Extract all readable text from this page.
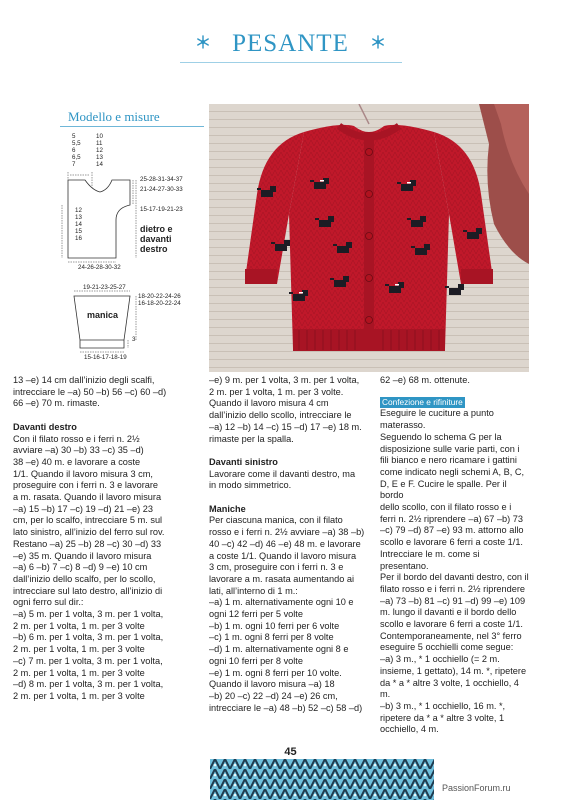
PESANTE
Modello e misure
5
5,5
6
6,5
7
10
11
12
13
14
25-28-31-34-37
21-24-27-30-33
15-17-19-21-23
12
13
14
15
16
dietro e
davanti
destro
24-26-28-30-32
19-21-23-25-27
18-20-22-24-26
16-18-20-22-24
manica
3
15-16-17-18-19

13 –e) 14 cm dall’inizio degli scalfi,

intrecciare le –a) 50 –b) 56 –c) 60 –d)

66 –e) 70 m. rimaste.

Davanti destro

Con il filato rosso e i ferri n. 2½

avviare –a) 30 –b) 33 –c) 35 –d)

38 –e) 40 m. e lavorare a coste

1/1. Quando il lavoro misura 3 cm,

proseguire con i ferri n. 3 e lavorare

a m. rasata. Quando il lavoro misura

–a) 15 –b) 17 –c) 19 –d) 21 –e) 23

cm, per lo scalfo, intrecciare 5 m. sul

lato sinistro, all’inizio del ferro sul rov.

Restano –a) 25 –b) 28 –c) 30 –d) 33

–e) 35 m. Quando il lavoro misura

–a) 6 –b) 7 –c) 8 –d) 9 –e) 10 cm

dall’inizio dello scalfo, per lo scollo,

intrecciare sul lato destro, all’inizio di

ogni ferro sul dir.:

–a) 5 m. per 1 volta, 3 m. per 1 volta,

2 m. per 1 volta, 1 m. per 3 volte

–b) 6 m. per 1 volta, 3 m. per 1 volta,

2 m. per 1 volta, 1 m. per 3 volte

–c) 7 m. per 1 volta, 3 m. per 1 volta,

2 m. per 1 volta, 1 m. per 3 volte

–d) 8 m. per 1 volta, 3 m. per 1 volta,

2 m. per 1 volta, 1 m. per 3 volte

–e) 9 m. per 1 volta, 3 m. per 1 volta,

2 m. per 1 volta, 1 m. per 3 volte.

Quando il lavoro misura 4 cm

dall’inizio dello scollo, intrecciare le

–a) 12 –b) 14 –c) 15 –d) 17 –e) 18 m.

rimaste per la spalla.

Davanti sinistro

Lavorare come il davanti destro, ma

in modo simmetrico.

Maniche

Per ciascuna manica, con il filato

rosso e i ferri n. 2½ avviare –a) 38 –b)

40 –c) 42 –d) 46 –e) 48 m. e lavorare

a coste 1/1. Quando il lavoro misura

3 cm, proseguire con i ferri n. 3 e

lavorare a m. rasata aumentando ai

lati, all’interno di 1 m.:

–a) 1 m. alternativamente ogni 10 e

ogni 12 ferri per 5 volte

–b) 1 m. ogni 10 ferri per 6 volte

–c) 1 m. ogni 8 ferri per 8 volte

–d) 1 m. alternativamente ogni 8 e

ogni 10 ferri per 8 volte

–e) 1 m. ogni 8 ferri per 10 volte.

Quando il lavoro misura –a) 18

–b) 20 –c) 22 –d) 24 –e) 26 cm,

intrecciare le –a) 48 –b) 52 –c) 58 –d)

62 –e) 68 m. ottenute.

Confezione e rifiniture

Eseguire le cuciture a punto

materasso.

Seguendo lo schema G per la

disposizione sulle varie parti, con i

fili bianco e nero ricamare i gattini

come indicato negli schemi A, B, C,

D, E e F. Cucire le spalle. Per il bordo

dello scollo, con il filato rosso e i

ferri n. 2½ riprendere –a) 67 –b) 73

–c) 79 –d) 87 –e) 93 m. attorno allo

scollo e lavorare 6 ferri a coste 1/1.

Intrecciare le m. come si presentano.

Per il bordo del davanti destro, con il

filato rosso e i ferri n. 2½ riprendere

–a) 73 –b) 81 –c) 91 –d) 99 –e) 109

m. lungo il davanti e il bordo dello

scollo e lavorare 6 ferri a coste 1/1.

Contemporaneamente, nel 3° ferro

eseguire 5 occhielli come segue:

–a) 3 m., * 1 occhiello (= 2 m.

insieme, 1 gettato), 14 m. *, ripetere

da * a * altre 3 volte, 1 occhiello, 4

m.

–b) 3 m., * 1 occhiello, 16 m. *,

ripetere da * a * altre 3 volte, 1

occhiello, 4 m.

45
PassionForum.ru
